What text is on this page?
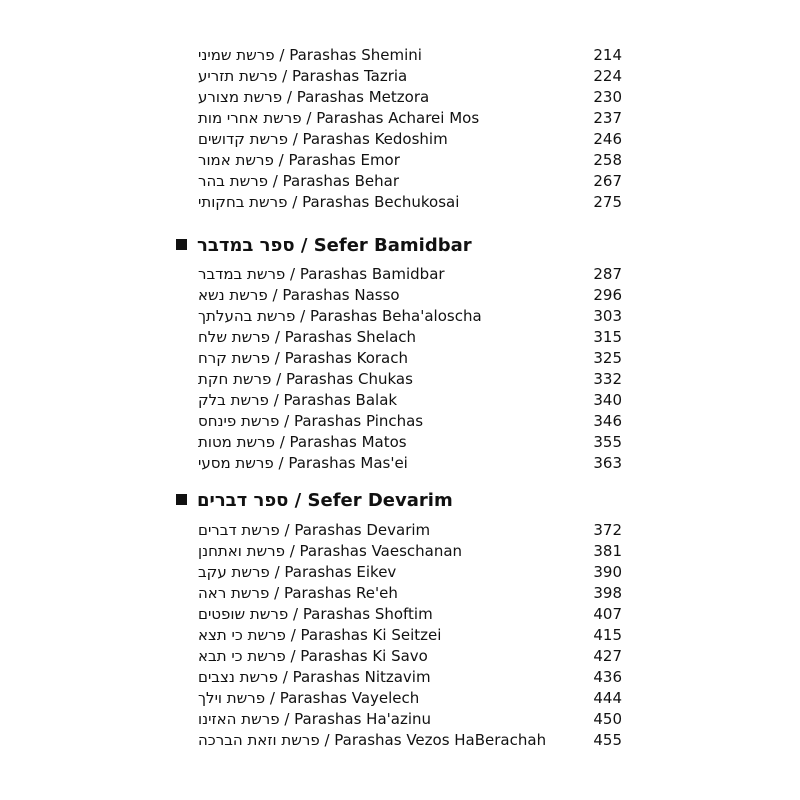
פרשת שמיני / Parashas Shemini	214
פרשת תזריע / Parashas Tazria	224
פרשת מצורע / Parashas Metzora	230
פרשת אחרי מות / Parashas Acharei Mos	237
פרשת קדושים / Parashas Kedoshim	246
פרשת אמור / Parashas Emor	258
פרשת בהר / Parashas Behar	267
פרשת בחקותי / Parashas Bechukosai	275
ספר במדבר / Sefer Bamidbar
פרשת במדבר / Parashas Bamidbar	287
פרשת נשא / Parashas Nasso	296
פרשת בהעלתך / Parashas Beha'aloscha	303
פרשת שלח / Parashas Shelach	315
פרשת קרח / Parashas Korach	325
פרשת חקת / Parashas Chukas	332
פרשת בלק / Parashas Balak	340
פרשת פינחס / Parashas Pinchas	346
פרשת מטות / Parashas Matos	355
פרשת מסעי / Parashas Mas'ei	363
ספר דברים / Sefer Devarim
פרשת דברים / Parashas Devarim	372
פרשת ואתחנן / Parashas Vaeschanan	381
פרשת עקב / Parashas Eikev	390
פרשת ראה / Parashas Re'eh	398
פרשת שופטים / Parashas Shoftim	407
פרשת כי תצא / Parashas Ki Seitzei	415
פרשת כי תבא / Parashas Ki Savo	427
פרשת נצבים / Parashas Nitzavim	436
פרשת וילך / Parashas Vayelech	444
פרשת האזינו / Parashas Ha'azinu	450
פרשת וזאת הברכה / Parashas Vezos HaBerachah	455
